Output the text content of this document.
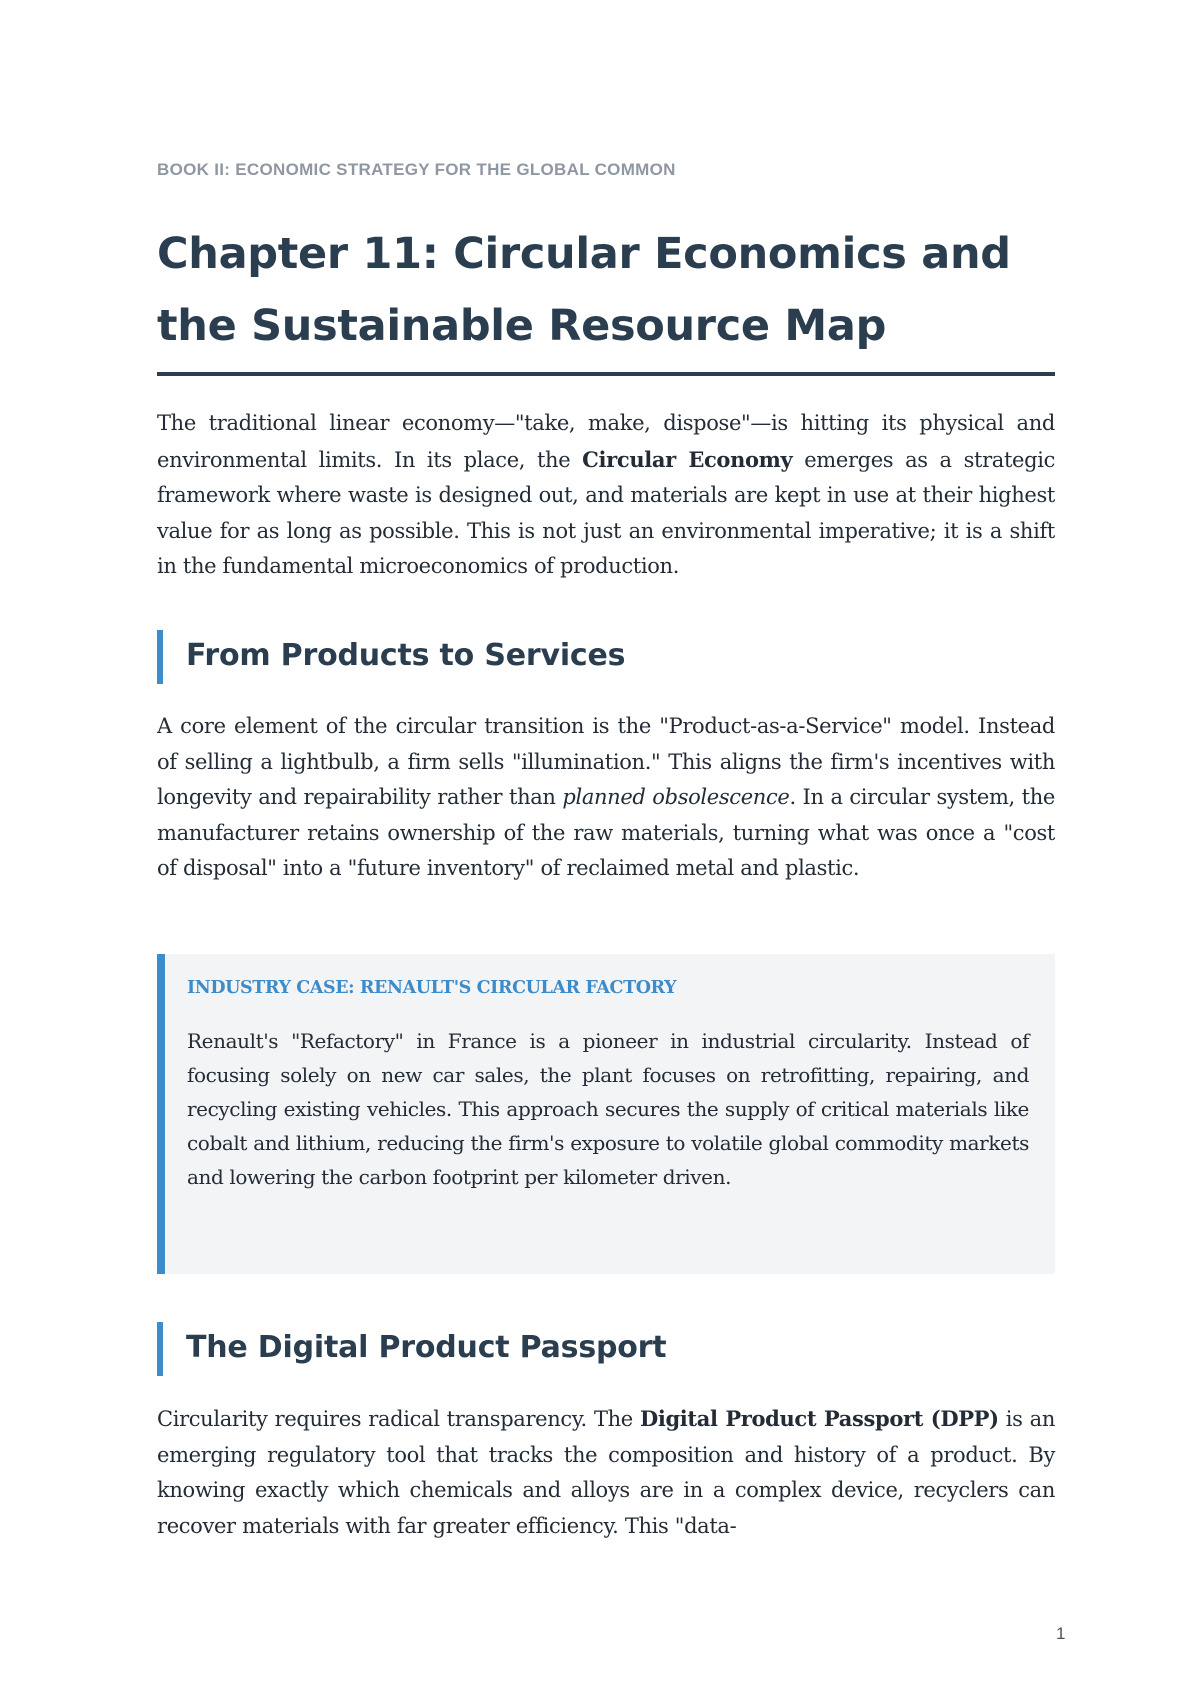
BOOK II: ECONOMIC STRATEGY FOR THE GLOBAL COMMON
Chapter 11: Circular Economics and the Sustainable Resource Map

The traditional linear economy—"take, make, dispose"—is hitting its physical and environmental limits. In its place, the Circular Economy emerges as a strategic framework where waste is designed out, and materials are kept in use at their highest value for as long as possible. This is not just an environmental imperative; it is a shift in the fundamental microeconomics of production.

From Products to Services

A core element of the circular transition is the "Product-as-a-Service" model. Instead of selling a lightbulb, a firm sells "illumination." This aligns the firm's incentives with longevity and repairability rather than planned obsolescence. In a circular system, the manufacturer retains ownership of the raw materials, turning what was once a "cost of disposal" into a "future inventory" of reclaimed metal and plastic.

INDUSTRY CASE: RENAULT'S CIRCULAR FACTORY

Renault's "Refactory" in France is a pioneer in industrial circularity. Instead of focusing solely on new car sales, the plant focuses on retrofitting, repairing, and recycling existing vehicles. This approach secures the supply of critical materials like cobalt and lithium, reducing the firm's exposure to volatile global commodity markets and lowering the carbon footprint per kilometer driven.

The Digital Product Passport

Circularity requires radical transparency. The Digital Product Passport (DPP) is an emerging regulatory tool that tracks the composition and history of a product. By knowing exactly which chemicals and alloys are in a complex device, recyclers can recover materials with far greater efficiency. This "data-

1
